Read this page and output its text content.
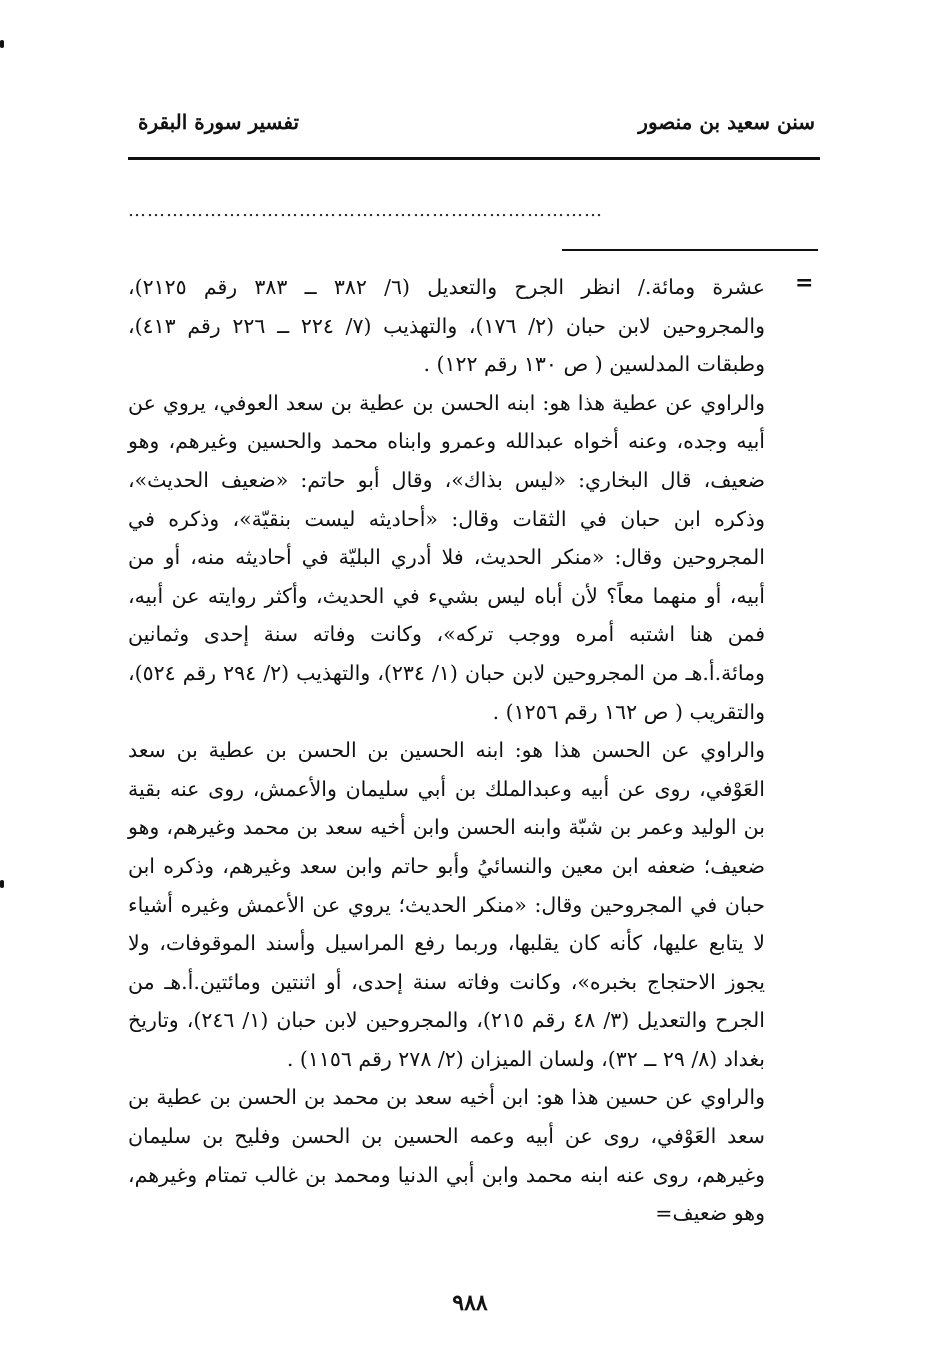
سنن سعيد بن منصور
تفسير سورة البقرة
…………………………………………………………………
=

عشرة ومائة./ انظر الجرح والتعديل (٦/ ٣٨٢ ــ ٣٨٣ رقم ٢١٢٥)، والمجروحين لابن حبان (٢/ ١٧٦)، والتهذيب (٧/ ٢٢٤ ــ ٢٢٦ رقم ٤١٣)، وطبقات المدلسين ( ص ١٣٠ رقم ١٢٢) .

والراوي عن عطية هذا هو: ابنه الحسن بن عطية بن سعد العوفي، يروي عن أبيه وجده، وعنه أخواه عبدالله وعمرو وابناه محمد والحسين وغيرهم، وهو ضعيف، قال البخاري: «ليس بذاك»، وقال أبو حاتم: «ضعيف الحديث»، وذكره ابن حبان في الثقات وقال: «أحاديثه ليست بنقيّة»، وذكره في المجروحين وقال: «منكر الحديث، فلا أدري البليّة في أحاديثه منه، أو من أبيه، أو منهما معاً؟ لأن أباه ليس بشيء في الحديث، وأكثر روايته عن أبيه، فمن هنا اشتبه أمره ووجب تركه»، وكانت وفاته سنة إحدى وثمانين ومائة.أ.هـ من المجروحين لابن حبان (١/ ٢٣٤)، والتهذيب (٢/ ٢٩٤ رقم ٥٢٤)، والتقريب ( ص ١٦٢ رقم ١٢٥٦) .

والراوي عن الحسن هذا هو: ابنه الحسين بن الحسن بن عطية بن سعد العَوْفي، روى عن أبيه وعبدالملك بن أبي سليمان والأعمش، روى عنه بقية بن الوليد وعمر بن شبّة وابنه الحسن وابن أخيه سعد بن محمد وغيرهم، وهو ضعيف؛ ضعفه ابن معين والنسائيُ وأبو حاتم وابن سعد وغيرهم، وذكره ابن حبان في المجروحين وقال: «منكر الحديث؛ يروي عن الأعمش وغيره أشياء لا يتابع عليها، كأنه كان يقلبها، وربما رفع المراسيل وأسند الموقوفات، ولا يجوز الاحتجاج بخبره»، وكانت وفاته سنة إحدى، أو اثنتين ومائتين.أ.هـ من الجرح والتعديل (٣/ ٤٨ رقم ٢١٥)، والمجروحين لابن حبان (١/ ٢٤٦)، وتاريخ بغداد (٨/ ٢٩ ــ ٣٢)، ولسان الميزان (٢/ ٢٧٨ رقم ١١٥٦) .

والراوي عن حسين هذا هو: ابن أخيه سعد بن محمد بن الحسن بن عطية بن سعد العَوْفي، روى عن أبيه وعمه الحسين بن الحسن وفليح بن سليمان وغيرهم، روى عنه ابنه محمد وابن أبي الدنيا ومحمد بن غالب تمتام وغيرهم، وهو ضعيف=

٩٨٨
